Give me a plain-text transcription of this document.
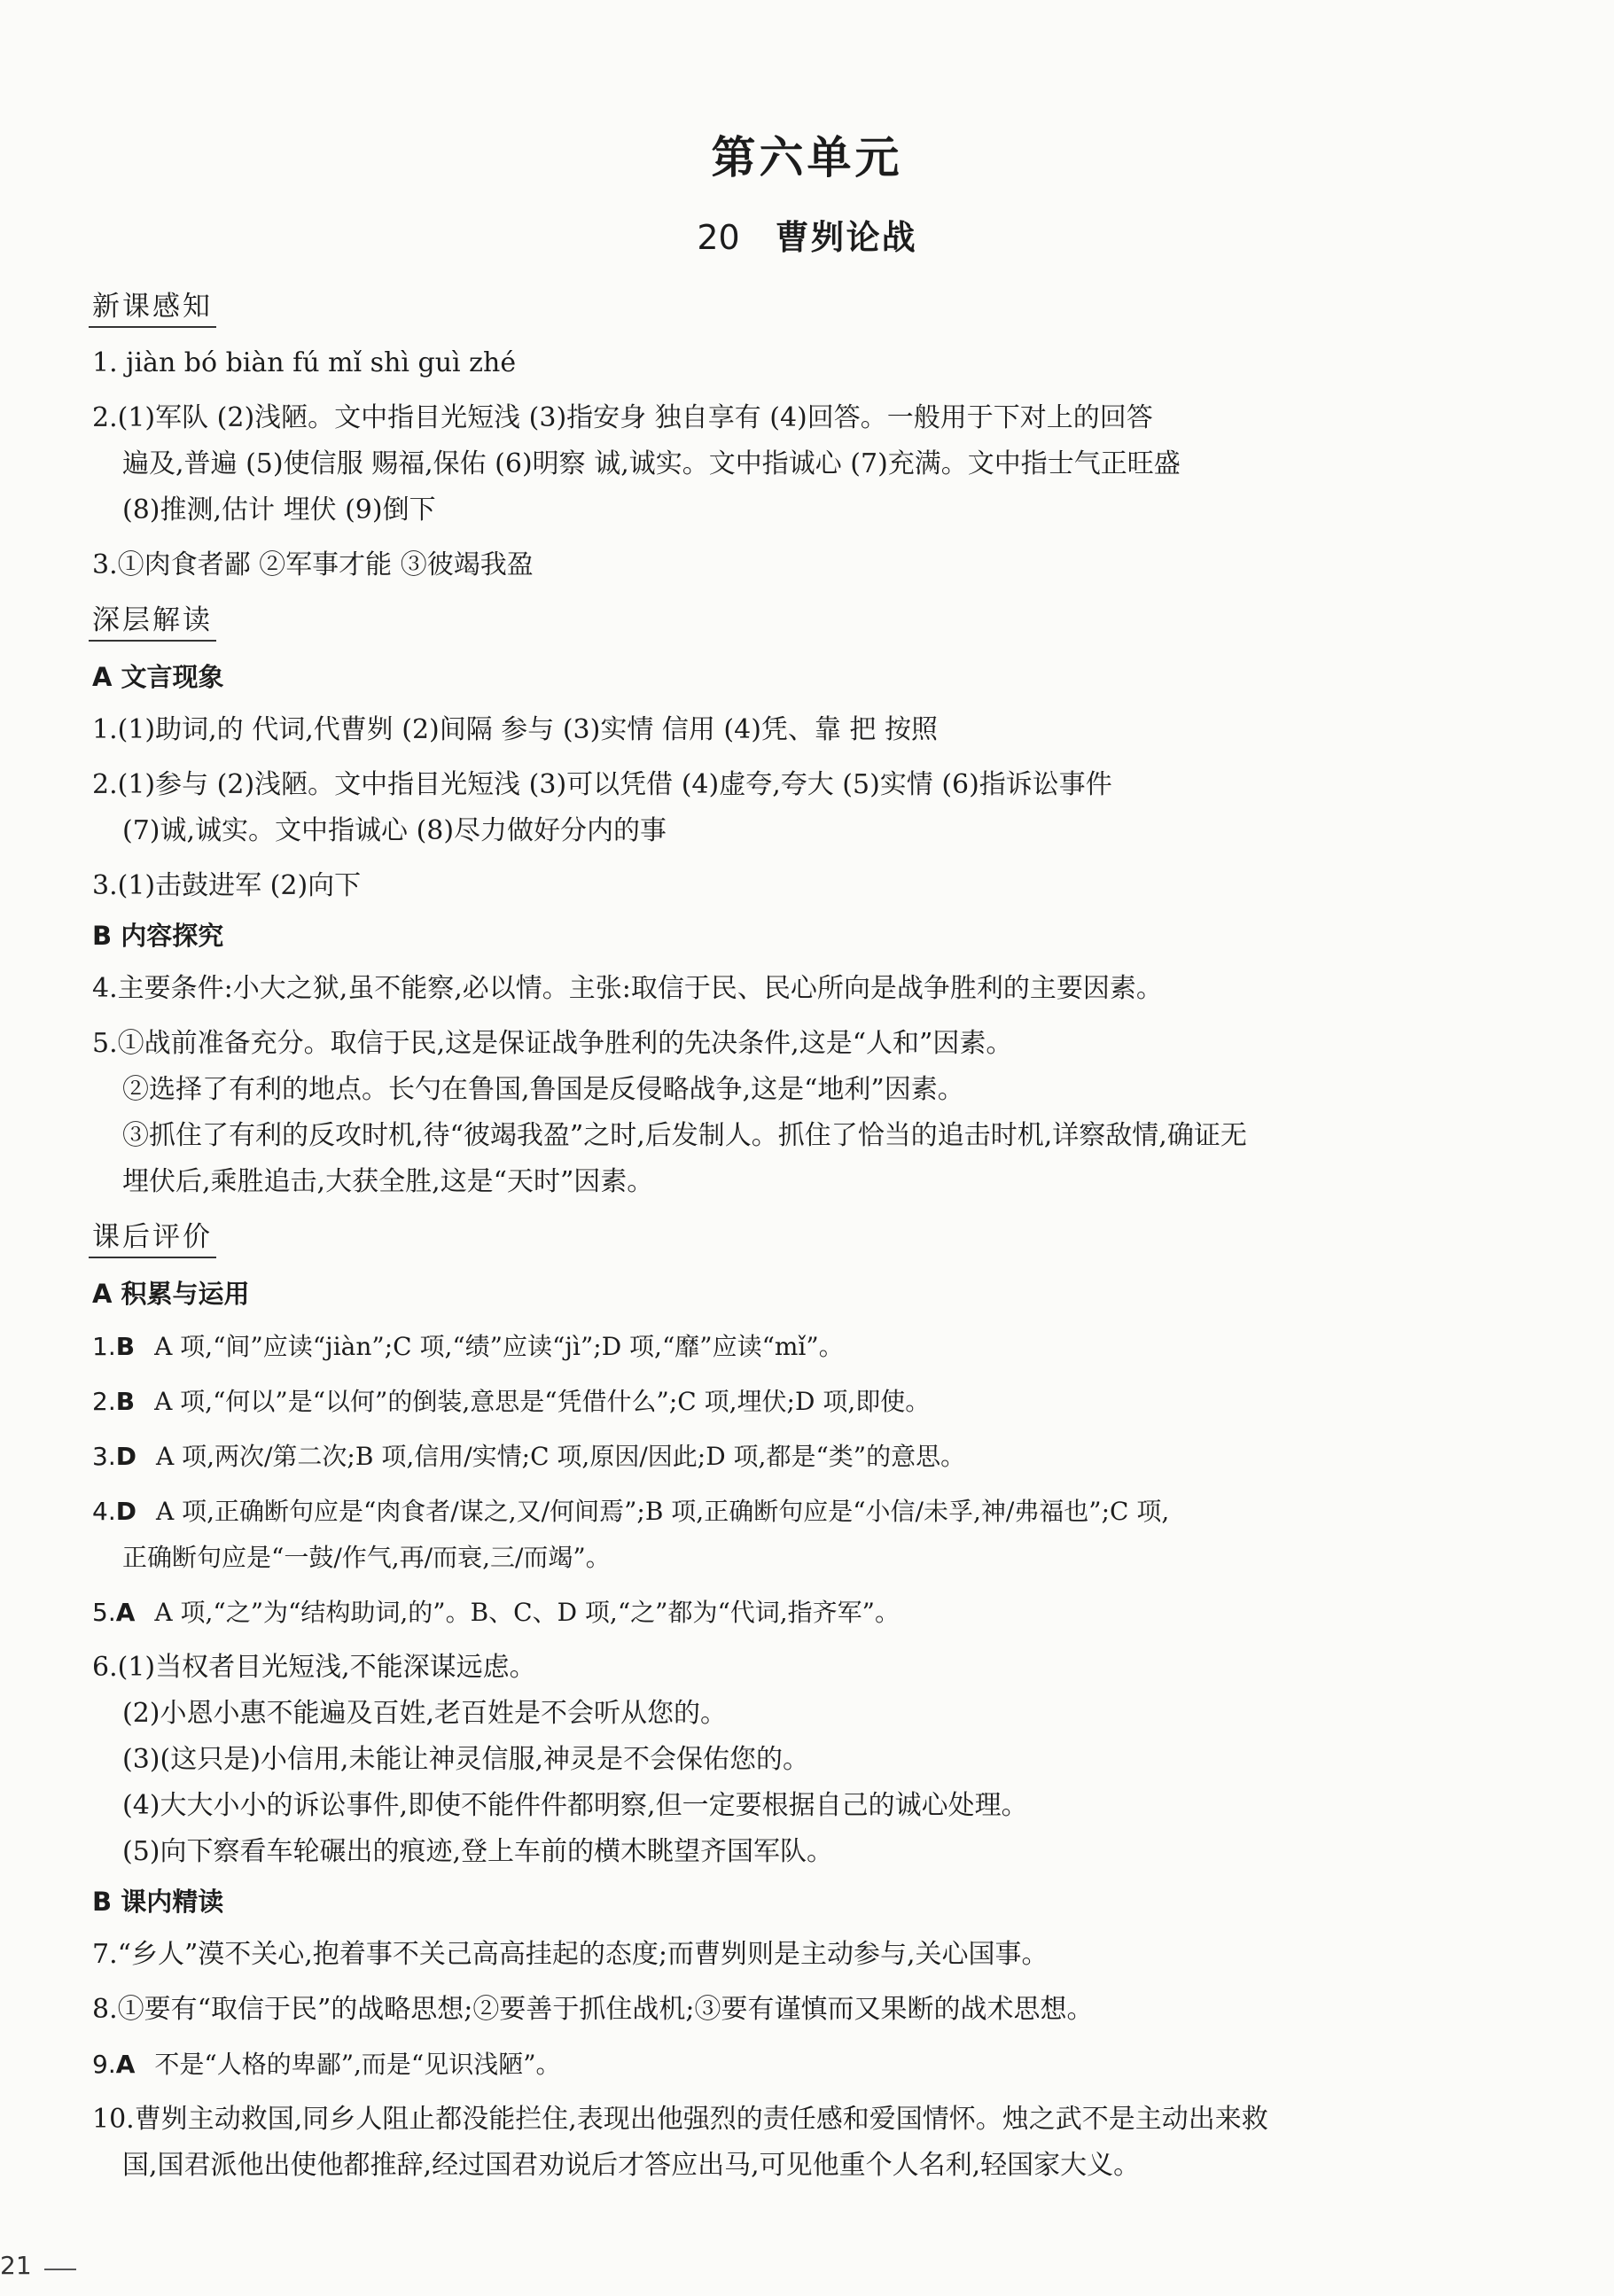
第六单元
20 曹刿论战
新课感知
1. jiàn bó biàn fú mǐ shì guì zhé
2.(1)军队 (2)浅陋。文中指目光短浅 (3)指安身 独自享有 (4)回答。一般用于下对上的回答
遍及,普遍 (5)使信服 赐福,保佑 (6)明察 诚,诚实。文中指诚心 (7)充满。文中指士气正旺盛
(8)推测,估计 埋伏 (9)倒下
3.①肉食者鄙 ②军事才能 ③彼竭我盈
深层解读
A 文言现象
1.(1)助词,的 代词,代曹刿 (2)间隔 参与 (3)实情 信用 (4)凭、靠 把 按照
2.(1)参与 (2)浅陋。文中指目光短浅 (3)可以凭借 (4)虚夸,夸大 (5)实情 (6)指诉讼事件
(7)诚,诚实。文中指诚心 (8)尽力做好分内的事
3.(1)击鼓进军 (2)向下
B 内容探究
4.主要条件:小大之狱,虽不能察,必以情。主张:取信于民、民心所向是战争胜利的主要因素。
5.①战前准备充分。取信于民,这是保证战争胜利的先决条件,这是“人和”因素。
②选择了有利的地点。长勺在鲁国,鲁国是反侵略战争,这是“地利”因素。
③抓住了有利的反攻时机,待“彼竭我盈”之时,后发制人。抓住了恰当的追击时机,详察敌情,确证无
埋伏后,乘胜追击,大获全胜,这是“天时”因素。
课后评价
A 积累与运用
1.B A 项,“间”应读“jiàn”;C 项,“绩”应读“jì”;D 项,“靡”应读“mǐ”。
2.B A 项,“何以”是“以何”的倒装,意思是“凭借什么”;C 项,埋伏;D 项,即使。
3.D A 项,两次/第二次;B 项,信用/实情;C 项,原因/因此;D 项,都是“类”的意思。
4.D A 项,正确断句应是“肉食者/谋之,又/何间焉”;B 项,正确断句应是“小信/未孚,神/弗福也”;C 项,
正确断句应是“一鼓/作气,再/而衰,三/而竭”。
5.A A 项,“之”为“结构助词,的”。B、C、D 项,“之”都为“代词,指齐军”。
6.(1)当权者目光短浅,不能深谋远虑。
(2)小恩小惠不能遍及百姓,老百姓是不会听从您的。
(3)(这只是)小信用,未能让神灵信服,神灵是不会保佑您的。
(4)大大小小的诉讼事件,即使不能件件都明察,但一定要根据自己的诚心处理。
(5)向下察看车轮碾出的痕迹,登上车前的横木眺望齐国军队。
B 课内精读
7.“乡人”漠不关心,抱着事不关己高高挂起的态度;而曹刿则是主动参与,关心国事。
8.①要有“取信于民”的战略思想;②要善于抓住战机;③要有谨慎而又果断的战术思想。
9.A 不是“人格的卑鄙”,而是“见识浅陋”。
10.曹刿主动救国,同乡人阻止都没能拦住,表现出他强烈的责任感和爱国情怀。烛之武不是主动出来救
国,国君派他出使他都推辞,经过国君劝说后才答应出马,可见他重个人名利,轻国家大义。
21
